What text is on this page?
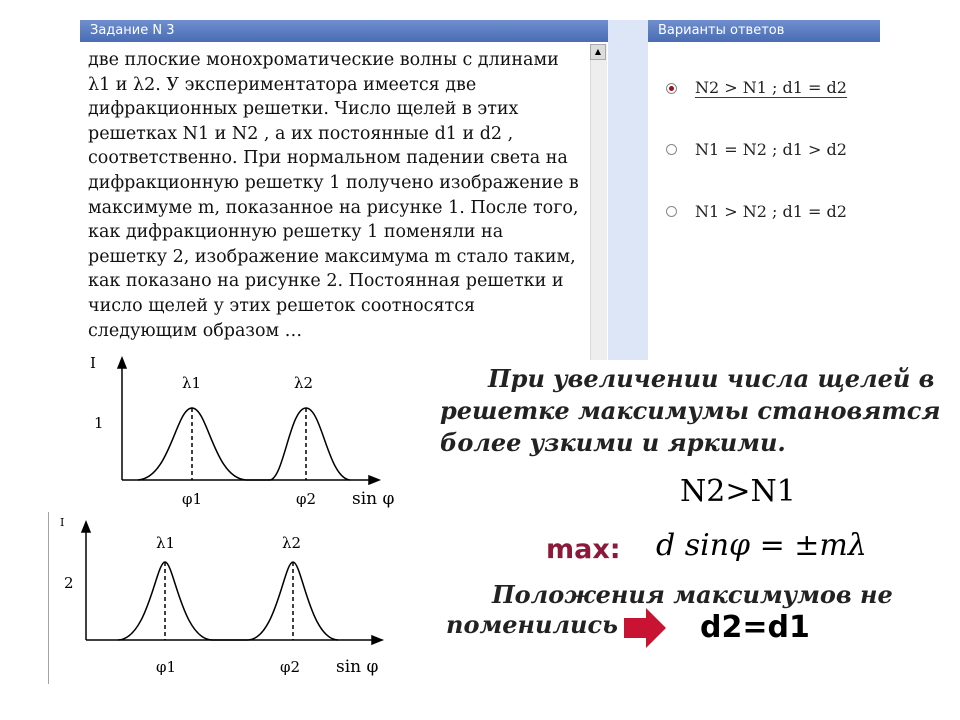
Задание N 3	Варианты ответов
▲
две плоские монохроматические волны с длинами λ1 и λ2. У экспериментатора имеется две дифракционных решетки. Число щелей в этих решетках N1 и N2 , а их постоянные d1 и d2 , соответственно. При нормальном падении света на дифракционную решетку 1 получено изображение в максимуме m, показанное на рисунке 1. После того, как дифракционную решетку 1 поменяли на решетку 2, изображение максимума m стало таким, как показано на рисунке 2. Постоянная решетки и число щелей у этих решеток соотносятся следующим образом …
N2 > N1 ; d1 = d2
N1 = N2 ; d1 > d2
N1 > N2 ; d1 = d2
I
1
λ1	λ2
φ1	φ2 sin φ
I
2
λ1	λ2
φ1	φ2 sin φ
При увеличении числа щелей в
решетке максимумы становятся
более узкими и яркими.
N2>N1
max: d sinφ = ±mλ
Положения максимумов не
поменились	d2=d1
